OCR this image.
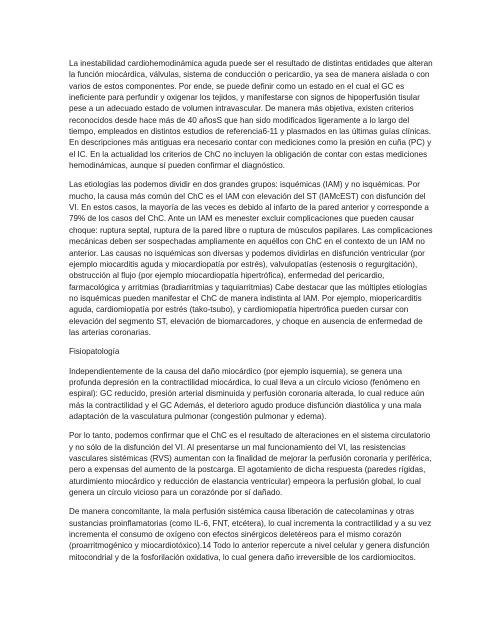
La inestabilidad cardiohemodinámica aguda puede ser el resultado de distintas entidades que alteran la función miocárdica, válvulas, sistema de conducción o pericardio, ya sea de manera aislada o con varios de estos componentes. Por ende, se puede definir como un estado en el cual el GC es ineficiente para perfundir y oxigenar los tejidos, y manifestarse con signos de hipoperfusión tisular pese a un adecuado estado de volumen intravascular. De manera más objetiva, existen criterios reconocidos desde hace más de 40 añosS que han sido modificados ligeramente a lo largo del tiempo, empleados en distintos estudios de referencia6-11 y plasmados en las últimas guías clínicas. En descripciones más antiguas era necesario contar con mediciones como la presión en cuña (PC) y el IC. En la actualidad los criterios de ChC no incluyen la obligación de contar con estas mediciones hemodinámicas, aunque sí pueden confirmar el diagnóstico.

Las etiologías las podemos dividir en dos grandes grupos: isquémicas (IAM) y no isquémicas. Por mucho, la causa más común del ChC es el IAM con elevación del ST (IAMcEST) con disfunción del VI. En estos casos, la mayoría de las veces es debido al infarto de la pared anterior y corresponde a 79% de los casos del ChC. Ante un IAM es menester excluir complicaciones que pueden causar choque: ruptura septal, ruptura de la pared libre o ruptura de músculos papilares. Las complicaciones mecánicas deben ser sospechadas ampliamente en aquéllos con ChC en el contexto de un IAM no anterior. Las causas no isquémicas son diversas y podemos dividirlas en disfunción ventricular (por ejemplo miocarditis aguda y miocardiopatía por estrés), valvulopatías (estenosis o regurgitación), obstrucción al flujo (por ejemplo miocardiopatía hipertrófica), enfermedad del pericardio, farmacológica y arritmias (bradiarritmias y taquiarritmias) Cabe destacar que las múltiples etiologías no isquémicas pueden manifestar el ChC de manera indistinta al IAM. Por ejemplo, miopericarditis aguda, cardiomiopatía por estrés (tako-tsubo), y cardiomiopatía hipertrófica pueden cursar con elevación del segmento ST, elevación de biomarcadores, y choque en ausencia de enfermedad de las arterias coronarias.

Fisiopatología

Independientemente de la causa del daño miocárdico (por ejemplo isquemia), se genera una profunda depresión en la contractilidad miocárdica, lo cual lleva a un círculo vicioso (fenómeno en espiral): GC reducido, presión arterial disminuida y perfusión coronaria alterada, lo cual reduce aún más la contractilidad y el GC Además, el deterioro agudo produce disfunción diastólica y una mala adaptación de la vasculatura pulmonar (congestión pulmonar y edema).

Por lo tanto, podemos confirmar que el ChC es el resultado de alteraciones en el sistema circulatorio y no sólo de la disfunción del VI. Al presentarse un mal funcionamiento del VI, las resistencias vasculares sistémicas (RVS) aumentan con la finalidad de mejorar la perfusión coronaria y periférica, pero a expensas del aumento de la postcarga. El agotamiento de dicha respuesta (paredes rígidas, aturdimiento miocárdico y reducción de elastancia ventricular) empeora la perfusión global, lo cual genera un círculo vicioso para un corazónde por sí dañado.

De manera concomitante, la mala perfusión sistémica causa liberación de catecolaminas y otras sustancias proinflamatorias (como IL-6, FNT, etcétera), lo cual incrementa la contractilidad y a su vez incrementa el consumo de oxígeno con efectos sinérgicos deletéreos para el mismo corazón (proarritmogénico y miocardiotóxico).14 Todo lo anterior repercute a nivel celular y genera disfunción mitocondrial y de la fosforilación oxidativa, lo cual genera daño irreversible de los cardiomiocitos.
